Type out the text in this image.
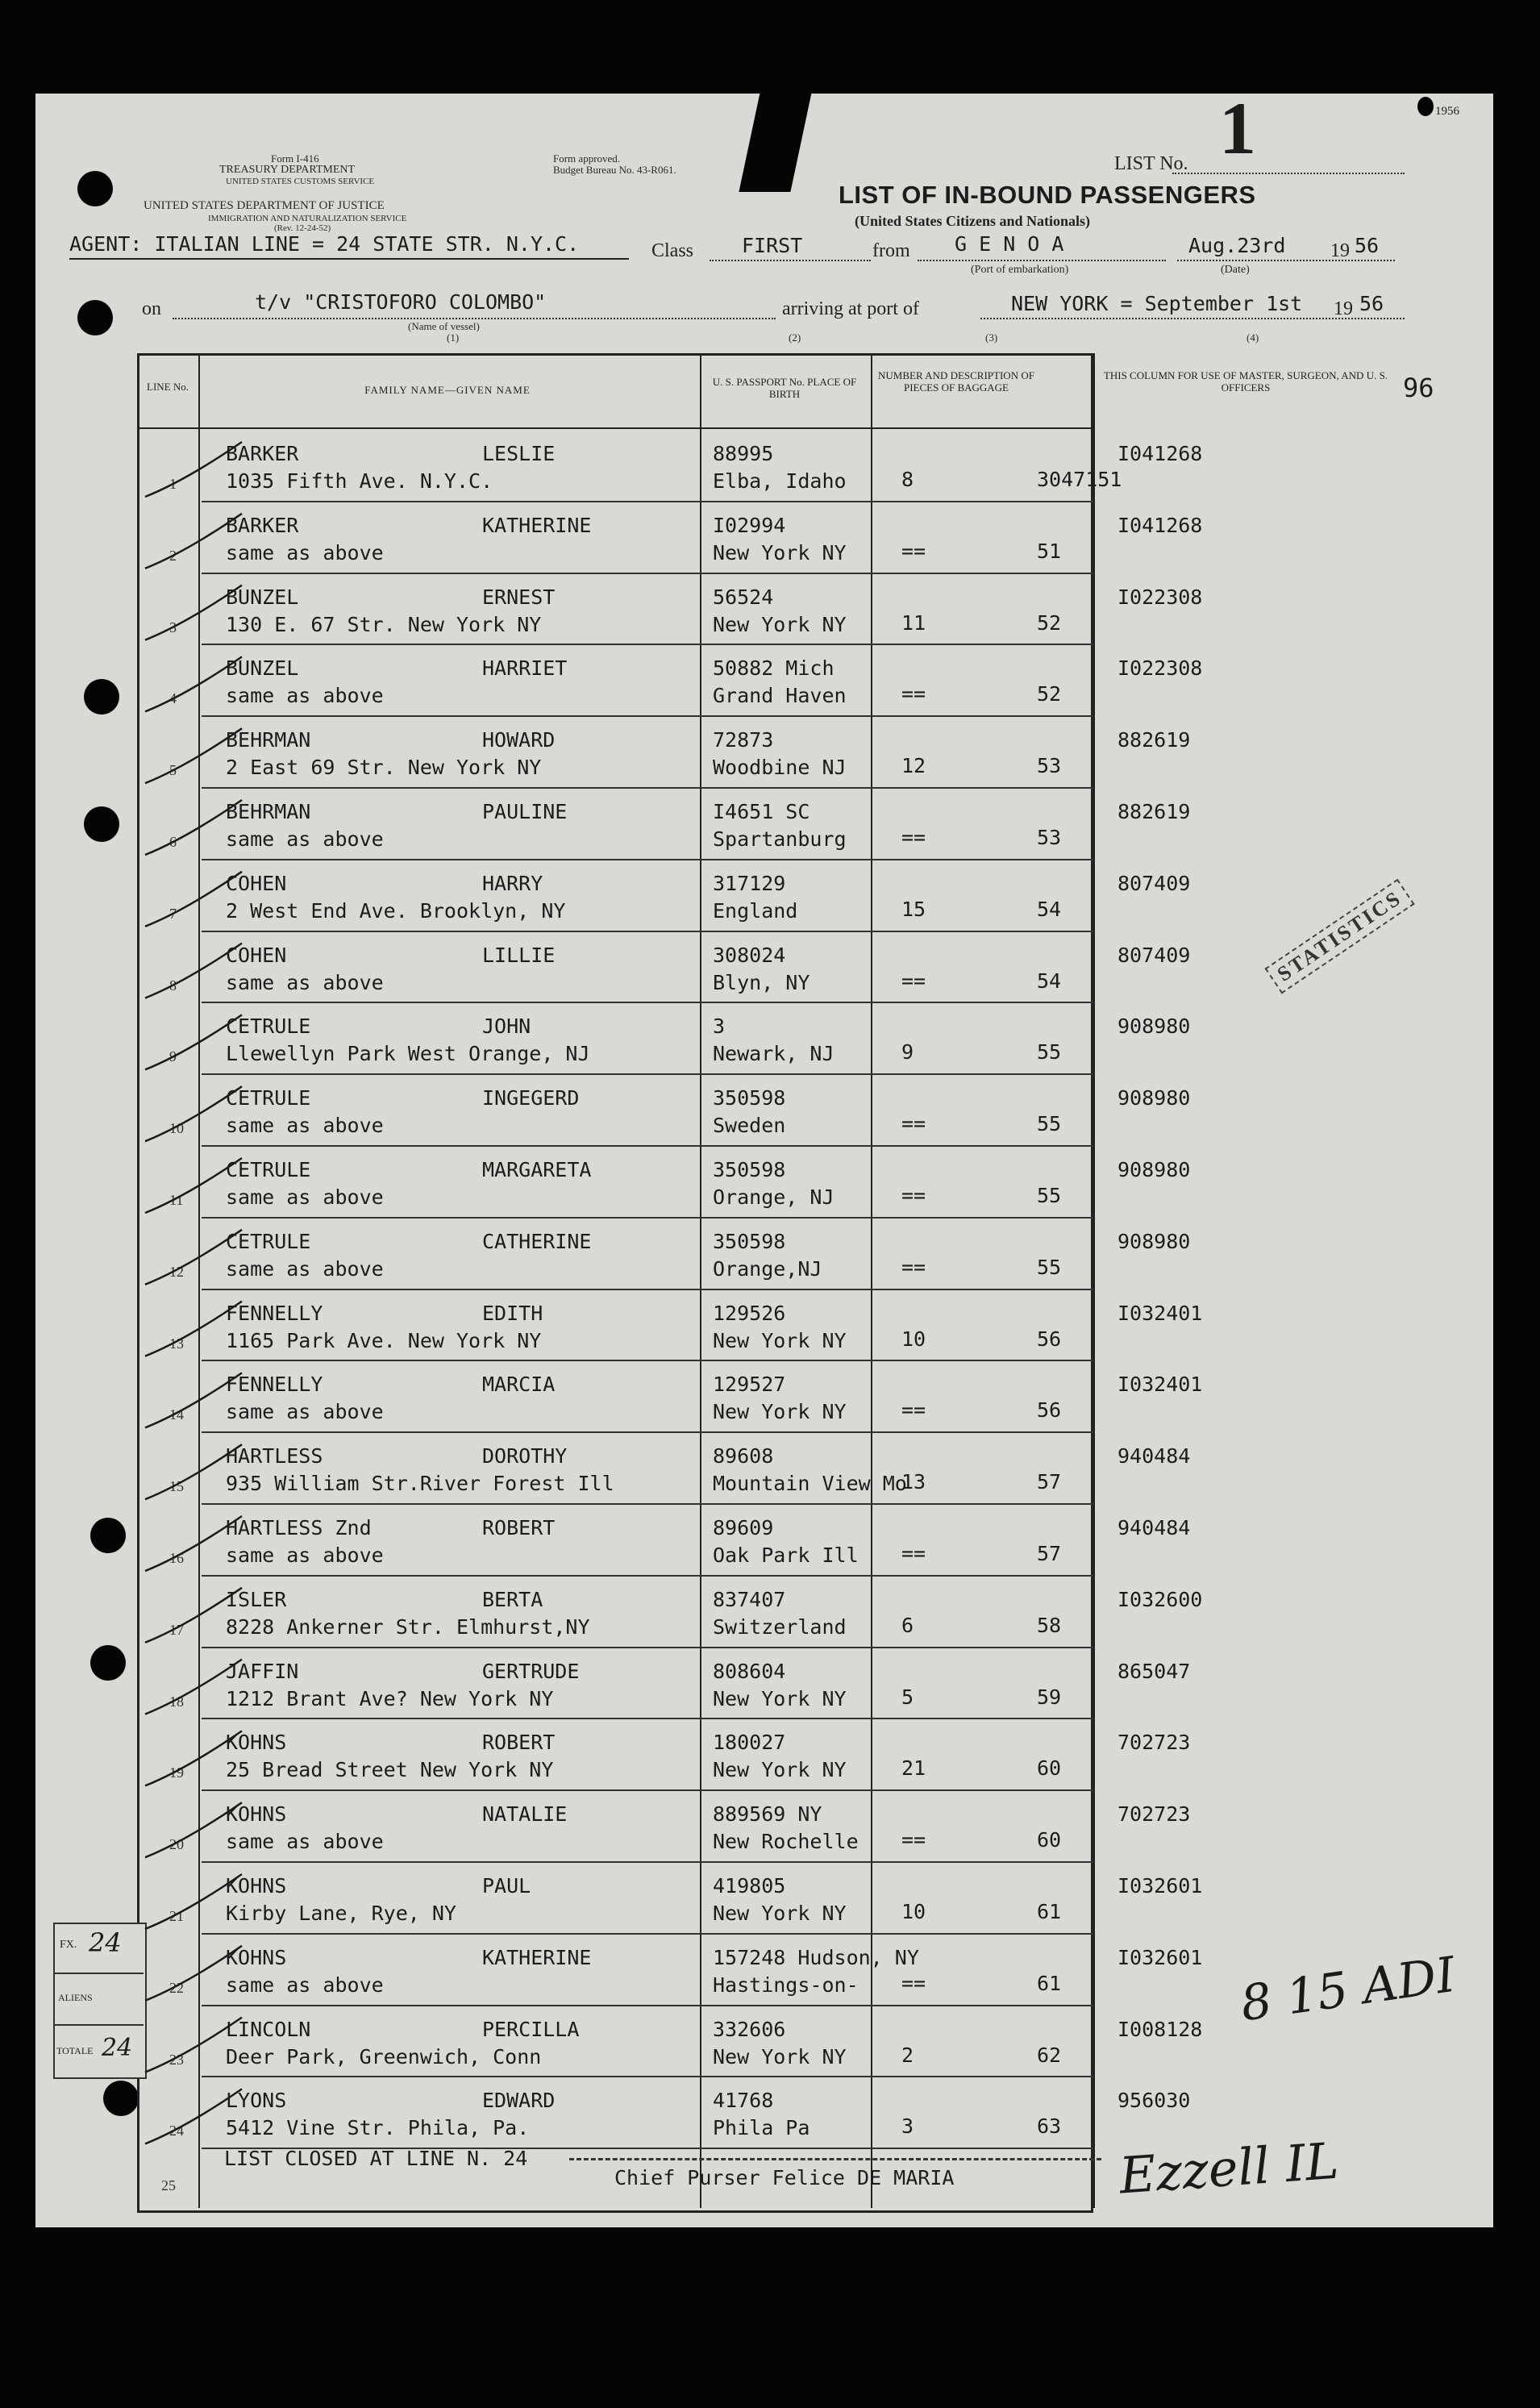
Form I-416
TREASURY DEPARTMENT
UNITED STATES CUSTOMS SERVICE
UNITED STATES DEPARTMENT OF JUSTICE
IMMIGRATION AND NATURALIZATION SERVICE
(Rev. 12-24-52)
Form approved.
Budget Bureau No. 43-R061.	LIST No. 1	1956
LIST OF IN-BOUND PASSENGERS
(United States Citizens and Nationals)
AGENT: ITALIAN LINE = 24 STATE STR. N.Y.C.	Class FIRST	from G E N O A
(Port of embarkation)
Aug.23rd 19 56
(Date)
on	t/v "CRISTOFORO COLOMBO"
(Name of vessel)
(1)
arriving at port of	NEW YORK = September 1st 19 56
(2)	(3)	(4)
96
LINE No.	FAMILY NAME—GIVEN NAME
U. S. PASSPORT No. PLACE OF BIRTH
NUMBER AND DESCRIPTION OF PIECES OF BAGGAGE
THIS COLUMN FOR USE OF MASTER, SURGEON, AND U. S. OFFICERS
1
BARKER	LESLIE
1035 Fifth Ave. N.Y.C.
88995
Elba, Idaho	8	3047151
I041268
2
BARKER	KATHERINE
same as above
I02994
New York NY	==	51
I041268
3
BUNZEL	ERNEST
130 E. 67 Str. New York NY
56524
New York NY	11	52
I022308
4
BUNZEL	HARRIET
same as above
50882 Mich
Grand Haven	==	52
I022308
5
BEHRMAN	HOWARD
2 East 69 Str. New York NY
72873
Woodbine NJ	12	53
882619
6
BEHRMAN	PAULINE
same as above
I4651 SC
Spartanburg	==	53
882619
7
COHEN	HARRY
2 West End Ave. Brooklyn, NY
317129
England	15	54
807409
8
COHEN	LILLIE
same as above
308024
Blyn, NY	==	54
807409
9
CETRULE	JOHN
Llewellyn Park West Orange, NJ
3
Newark, NJ	9	55
908980
10
CETRULE	INGEGERD
same as above
350598
Sweden	==	55
908980
11
CETRULE	MARGARETA
same as above
350598
Orange, NJ	==	55
908980
12
CETRULE	CATHERINE
same as above
350598
Orange,NJ	==	55
908980
13
FENNELLY	EDITH
1165 Park Ave. New York NY
129526
New York NY	10	56
I032401
14
FENNELLY	MARCIA
same as above
129527
New York NY	==	56
I032401
15
HARTLESS	DOROTHY
935 William Str.River Forest Ill
89608
Mountain View Mo
13	57
940484
16
HARTLESS Znd	ROBERT
same as above
89609
Oak Park Ill ==	57
940484
17
ISLER	BERTA
8228 Ankerner Str. Elmhurst,NY
837407
Switzerland	6	58
I032600
18
JAFFIN	GERTRUDE
1212 Brant Ave? New York NY
808604
New York NY	5	59
865047
19
KOHNS	ROBERT
25 Bread Street New York NY
180027
New York NY	21	60
702723
20
KOHNS	NATALIE
same as above
889569 NY
New Rochelle ==	60
702723
21
KOHNS	PAUL
Kirby Lane, Rye, NY
419805
New York NY	10	61
I032601
22
KOHNS	KATHERINE
same as above
157248 Hudson, NY
Hastings-on- ==	61
I032601
23
LINCOLN	PERCILLA
Deer Park, Greenwich, Conn
332606
New York NY	2	62
I008128
24
LYONS	EDWARD
5412 Vine Str. Phila, Pa.
41768
Phila Pa	3	63
956030
25
LIST CLOSED AT LINE N. 24
Chief Purser Felice DE MARIA
STATISTICS
FX. 24
ALIENS
TOTALE 24
8 15 ADI
Ezzell IL
